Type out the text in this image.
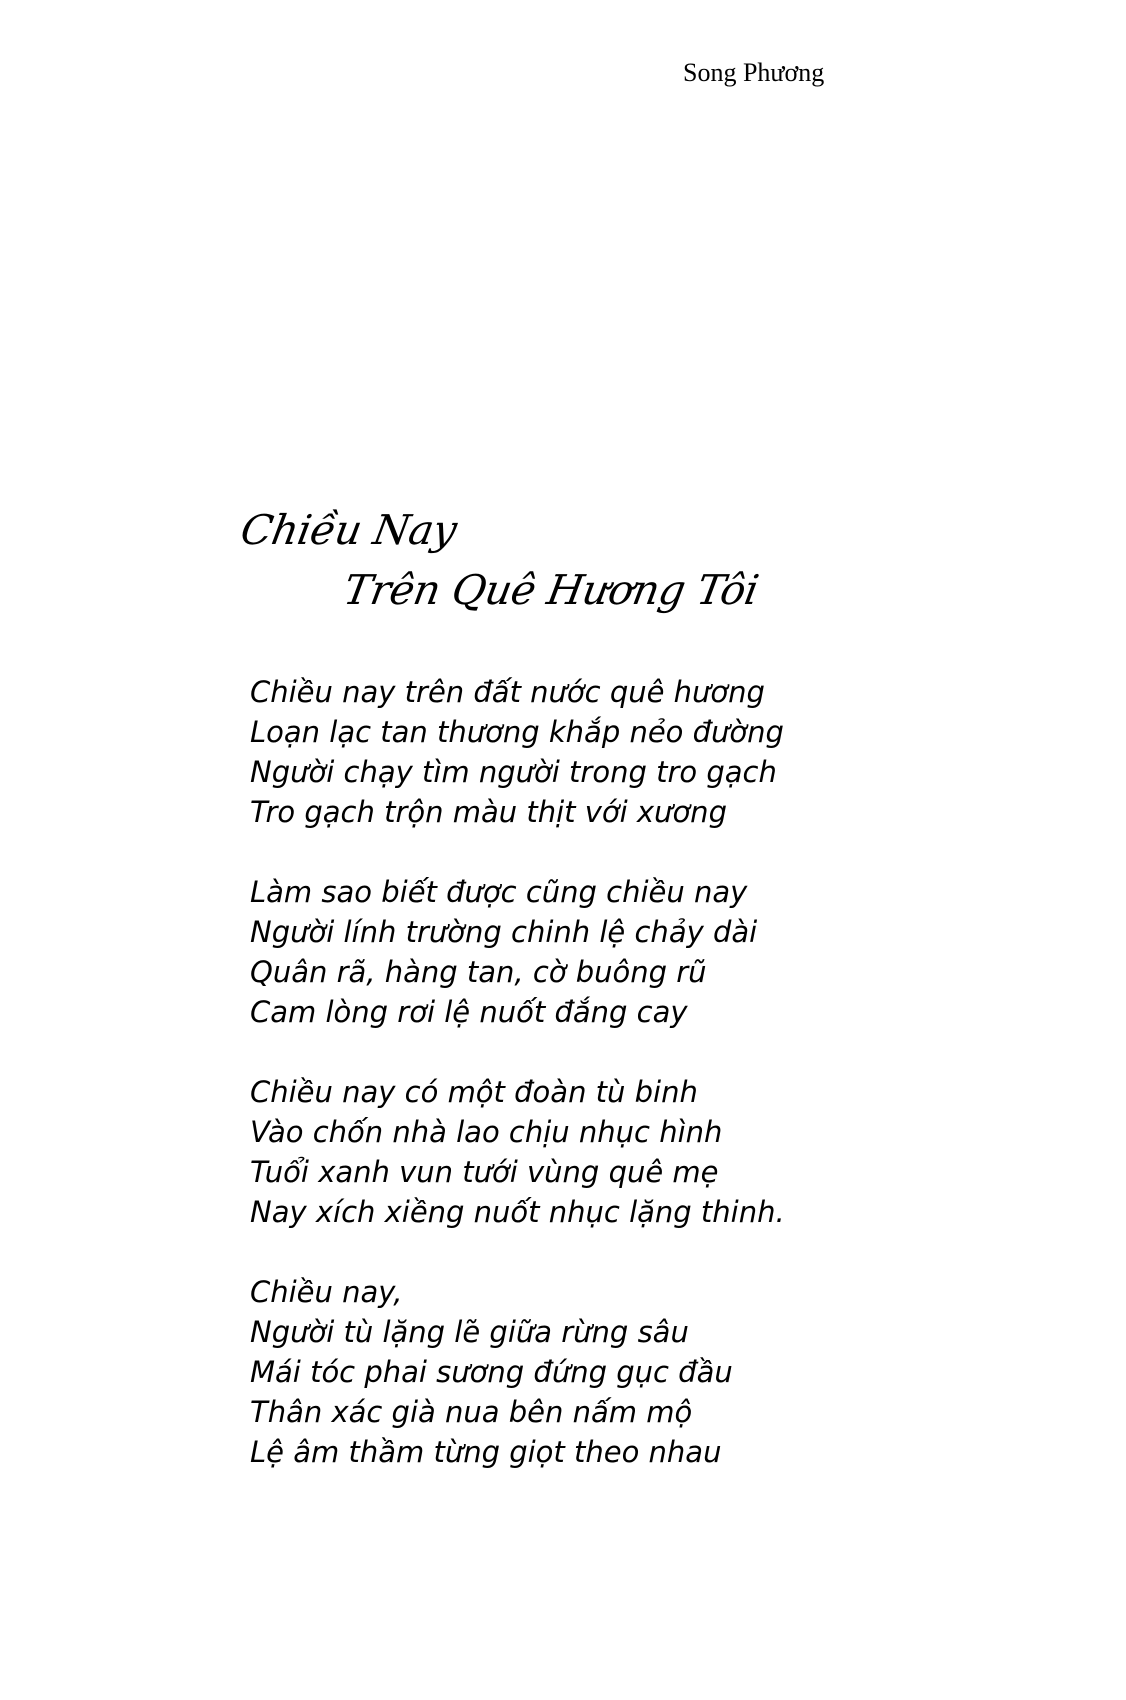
Song Phương
Chiều Nay
Trên Quê Hương Tôi
Chiều nay trên đất nước quê hương
Loạn lạc tan thương khắp nẻo đường
Người chạy tìm người trong tro gạch
Tro gạch trộn màu thịt với xương
Làm sao biết được cũng chiều nay
Người lính trường chinh lệ chảy dài
Quân rã, hàng tan, cờ buông rũ
Cam lòng rơi lệ nuốt đắng cay
Chiều nay có một đoàn tù binh
Vào chốn nhà lao chịu nhục hình
Tuổi xanh vun tưới vùng quê mẹ
Nay xích xiềng nuốt nhục lặng thinh.
Chiều nay,
Người tù lặng lẽ giữa rừng sâu
Mái tóc phai sương đứng gục đầu
Thân xác già nua bên nấm mộ
Lệ âm thầm từng giọt theo nhau
